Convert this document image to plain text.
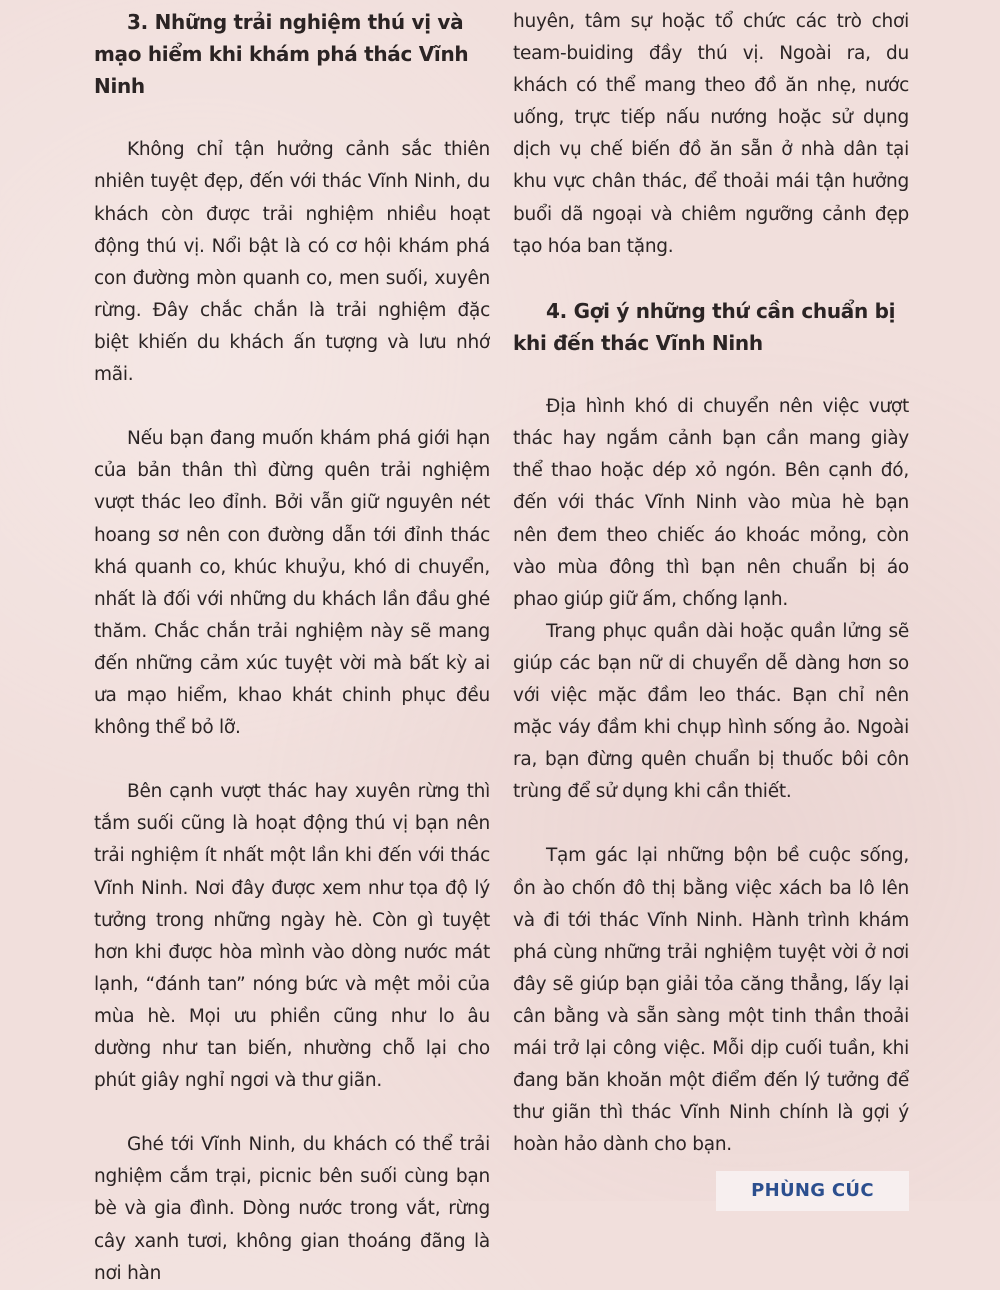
3. Những trải nghiệm thú vị và mạo hiểm khi khám phá thác Vĩnh Ninh

Không chỉ tận hưởng cảnh sắc thiên nhiên tuyệt đẹp, đến với thác Vĩnh Ninh, du khách còn được trải nghiệm nhiều hoạt động thú vị. Nổi bật là có cơ hội khám phá con đường mòn quanh co, men suối, xuyên rừng. Đây chắc chắn là trải nghiệm đặc biệt khiến du khách ấn tượng và lưu nhớ mãi.

Nếu bạn đang muốn khám phá giới hạn của bản thân thì đừng quên trải nghiệm vượt thác leo đỉnh. Bởi vẫn giữ nguyên nét hoang sơ nên con đường dẫn tới đỉnh thác khá quanh co, khúc khuỷu, khó di chuyển, nhất là đối với những du khách lần đầu ghé thăm. Chắc chắn trải nghiệm này sẽ mang đến những cảm xúc tuyệt vời mà bất kỳ ai ưa mạo hiểm, khao khát chinh phục đều không thể bỏ lỡ.

Bên cạnh vượt thác hay xuyên rừng thì tắm suối cũng là hoạt động thú vị bạn nên trải nghiệm ít nhất một lần khi đến với thác Vĩnh Ninh. Nơi đây được xem như tọa độ lý tưởng trong những ngày hè. Còn gì tuyệt hơn khi được hòa mình vào dòng nước mát lạnh, “đánh tan” nóng bức và mệt mỏi của mùa hè. Mọi ưu phiền cũng như lo âu dường như tan biến, nhường chỗ lại cho phút giây nghỉ ngơi và thư giãn.

Ghé tới Vĩnh Ninh, du khách có thể trải nghiệm cắm trại, picnic bên suối cùng bạn bè và gia đình. Dòng nước trong vắt, rừng cây xanh tươi, không gian thoáng đãng là nơi hàn

huyên, tâm sự hoặc tổ chức các trò chơi team-buiding đầy thú vị. Ngoài ra, du khách có thể mang theo đồ ăn nhẹ, nước uống, trực tiếp nấu nướng hoặc sử dụng dịch vụ chế biến đồ ăn sẵn ở nhà dân tại khu vực chân thác, để thoải mái tận hưởng buổi dã ngoại và chiêm ngưỡng cảnh đẹp tạo hóa ban tặng.

4. Gợi ý những thứ cần chuẩn bị khi đến thác Vĩnh Ninh

Địa hình khó di chuyển nên việc vượt thác hay ngắm cảnh bạn cần mang giày thể thao hoặc dép xỏ ngón. Bên cạnh đó, đến với thác Vĩnh Ninh vào mùa hè bạn nên đem theo chiếc áo khoác mỏng, còn vào mùa đông thì bạn nên chuẩn bị áo phao giúp giữ ấm, chống lạnh.

Trang phục quần dài hoặc quần lửng sẽ giúp các bạn nữ di chuyển dễ dàng hơn so với việc mặc đầm leo thác. Bạn chỉ nên mặc váy đầm khi chụp hình sống ảo. Ngoài ra, bạn đừng quên chuẩn bị thuốc bôi côn trùng để sử dụng khi cần thiết.

Tạm gác lại những bộn bề cuộc sống, ồn ào chốn đô thị bằng việc xách ba lô lên và đi tới thác Vĩnh Ninh. Hành trình khám phá cùng những trải nghiệm tuyệt vời ở nơi đây sẽ giúp bạn giải tỏa căng thẳng, lấy lại cân bằng và sẵn sàng một tinh thần thoải mái trở lại công việc. Mỗi dịp cuối tuần, khi đang băn khoăn một điểm đến lý tưởng để thư giãn thì thác Vĩnh Ninh chính là gợi ý hoàn hảo dành cho bạn.

PHÙNG CÚC
